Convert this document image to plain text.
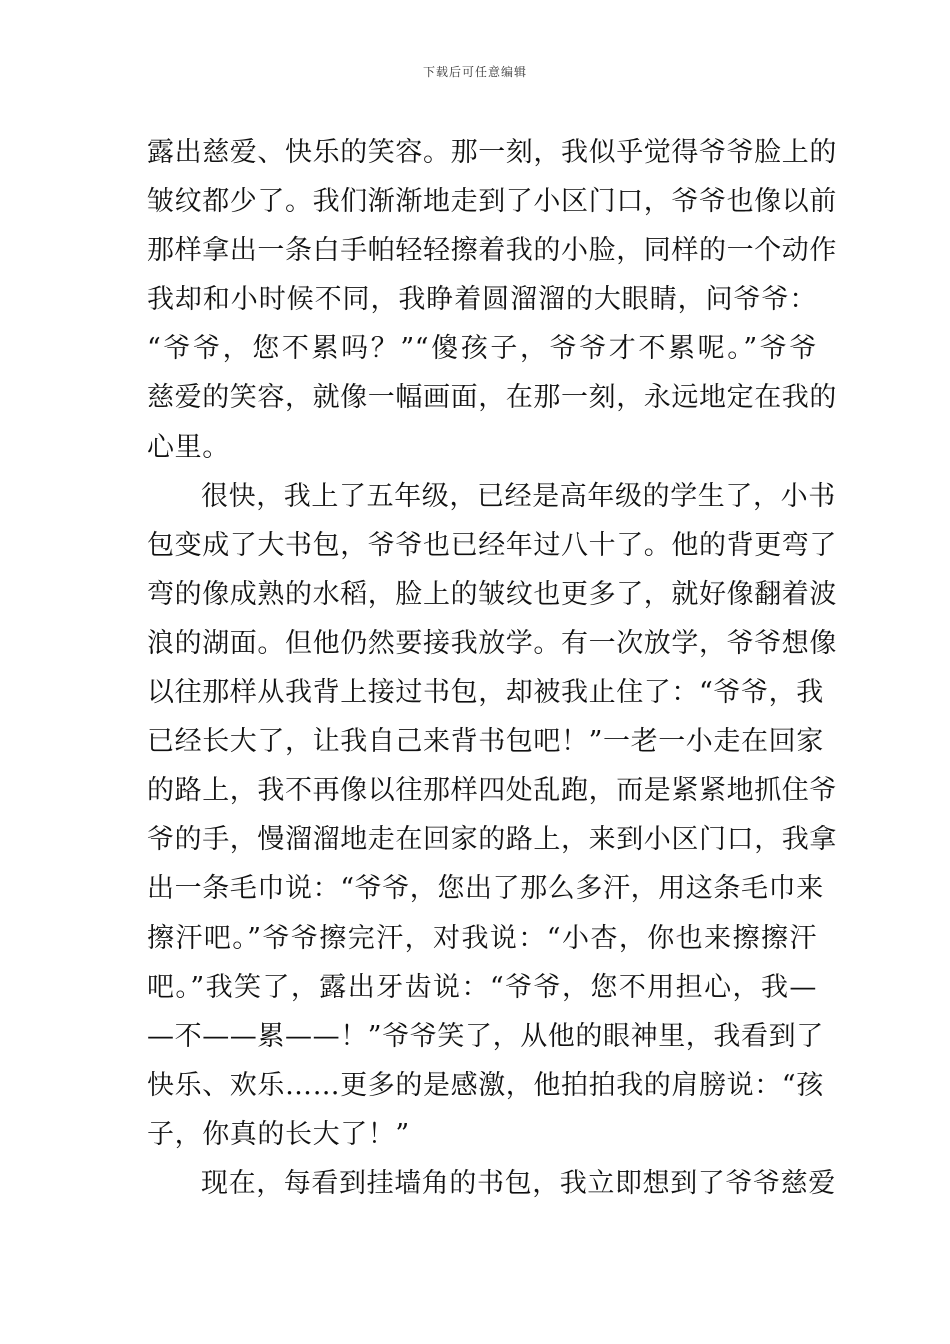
下载后可任意编辑
露出慈爱、快乐的笑容。那一刻，我似乎觉得爷爷脸上的
皱纹都少了。我们渐渐地走到了小区门口，爷爷也像以前
那样拿出一条白手帕轻轻擦着我的小脸，同样的一个动作
我却和小时候不同，我睁着圆溜溜的大眼睛，问爷爷：
“爷爷，您不累吗？”“傻孩子，爷爷才不累呢。”爷爷
慈爱的笑容，就像一幅画面，在那一刻，永远地定在我的
心里。
很快，我上了五年级，已经是高年级的学生了，小书
包变成了大书包，爷爷也已经年过八十了。他的背更弯了
弯的像成熟的水稻，脸上的皱纹也更多了，就好像翻着波
浪的湖面。但他仍然要接我放学。有一次放学，爷爷想像
以往那样从我背上接过书包，却被我止住了：“爷爷，我
已经长大了，让我自己来背书包吧！”一老一小走在回家
的路上，我不再像以往那样四处乱跑，而是紧紧地抓住爷
爷的手，慢溜溜地走在回家的路上，来到小区门口，我拿
出一条毛巾说：“爷爷，您出了那么多汗，用这条毛巾来
擦汗吧。”爷爷擦完汗，对我说：“小杏，你也来擦擦汗
吧。”我笑了，露出牙齿说：“爷爷，您不用担心，我—
—不——累——！”爷爷笑了，从他的眼神里，我看到了
快乐、欢乐……更多的是感激，他拍拍我的肩膀说：“孩
子，你真的长大了！”
现在，每看到挂墙角的书包，我立即想到了爷爷慈爱
